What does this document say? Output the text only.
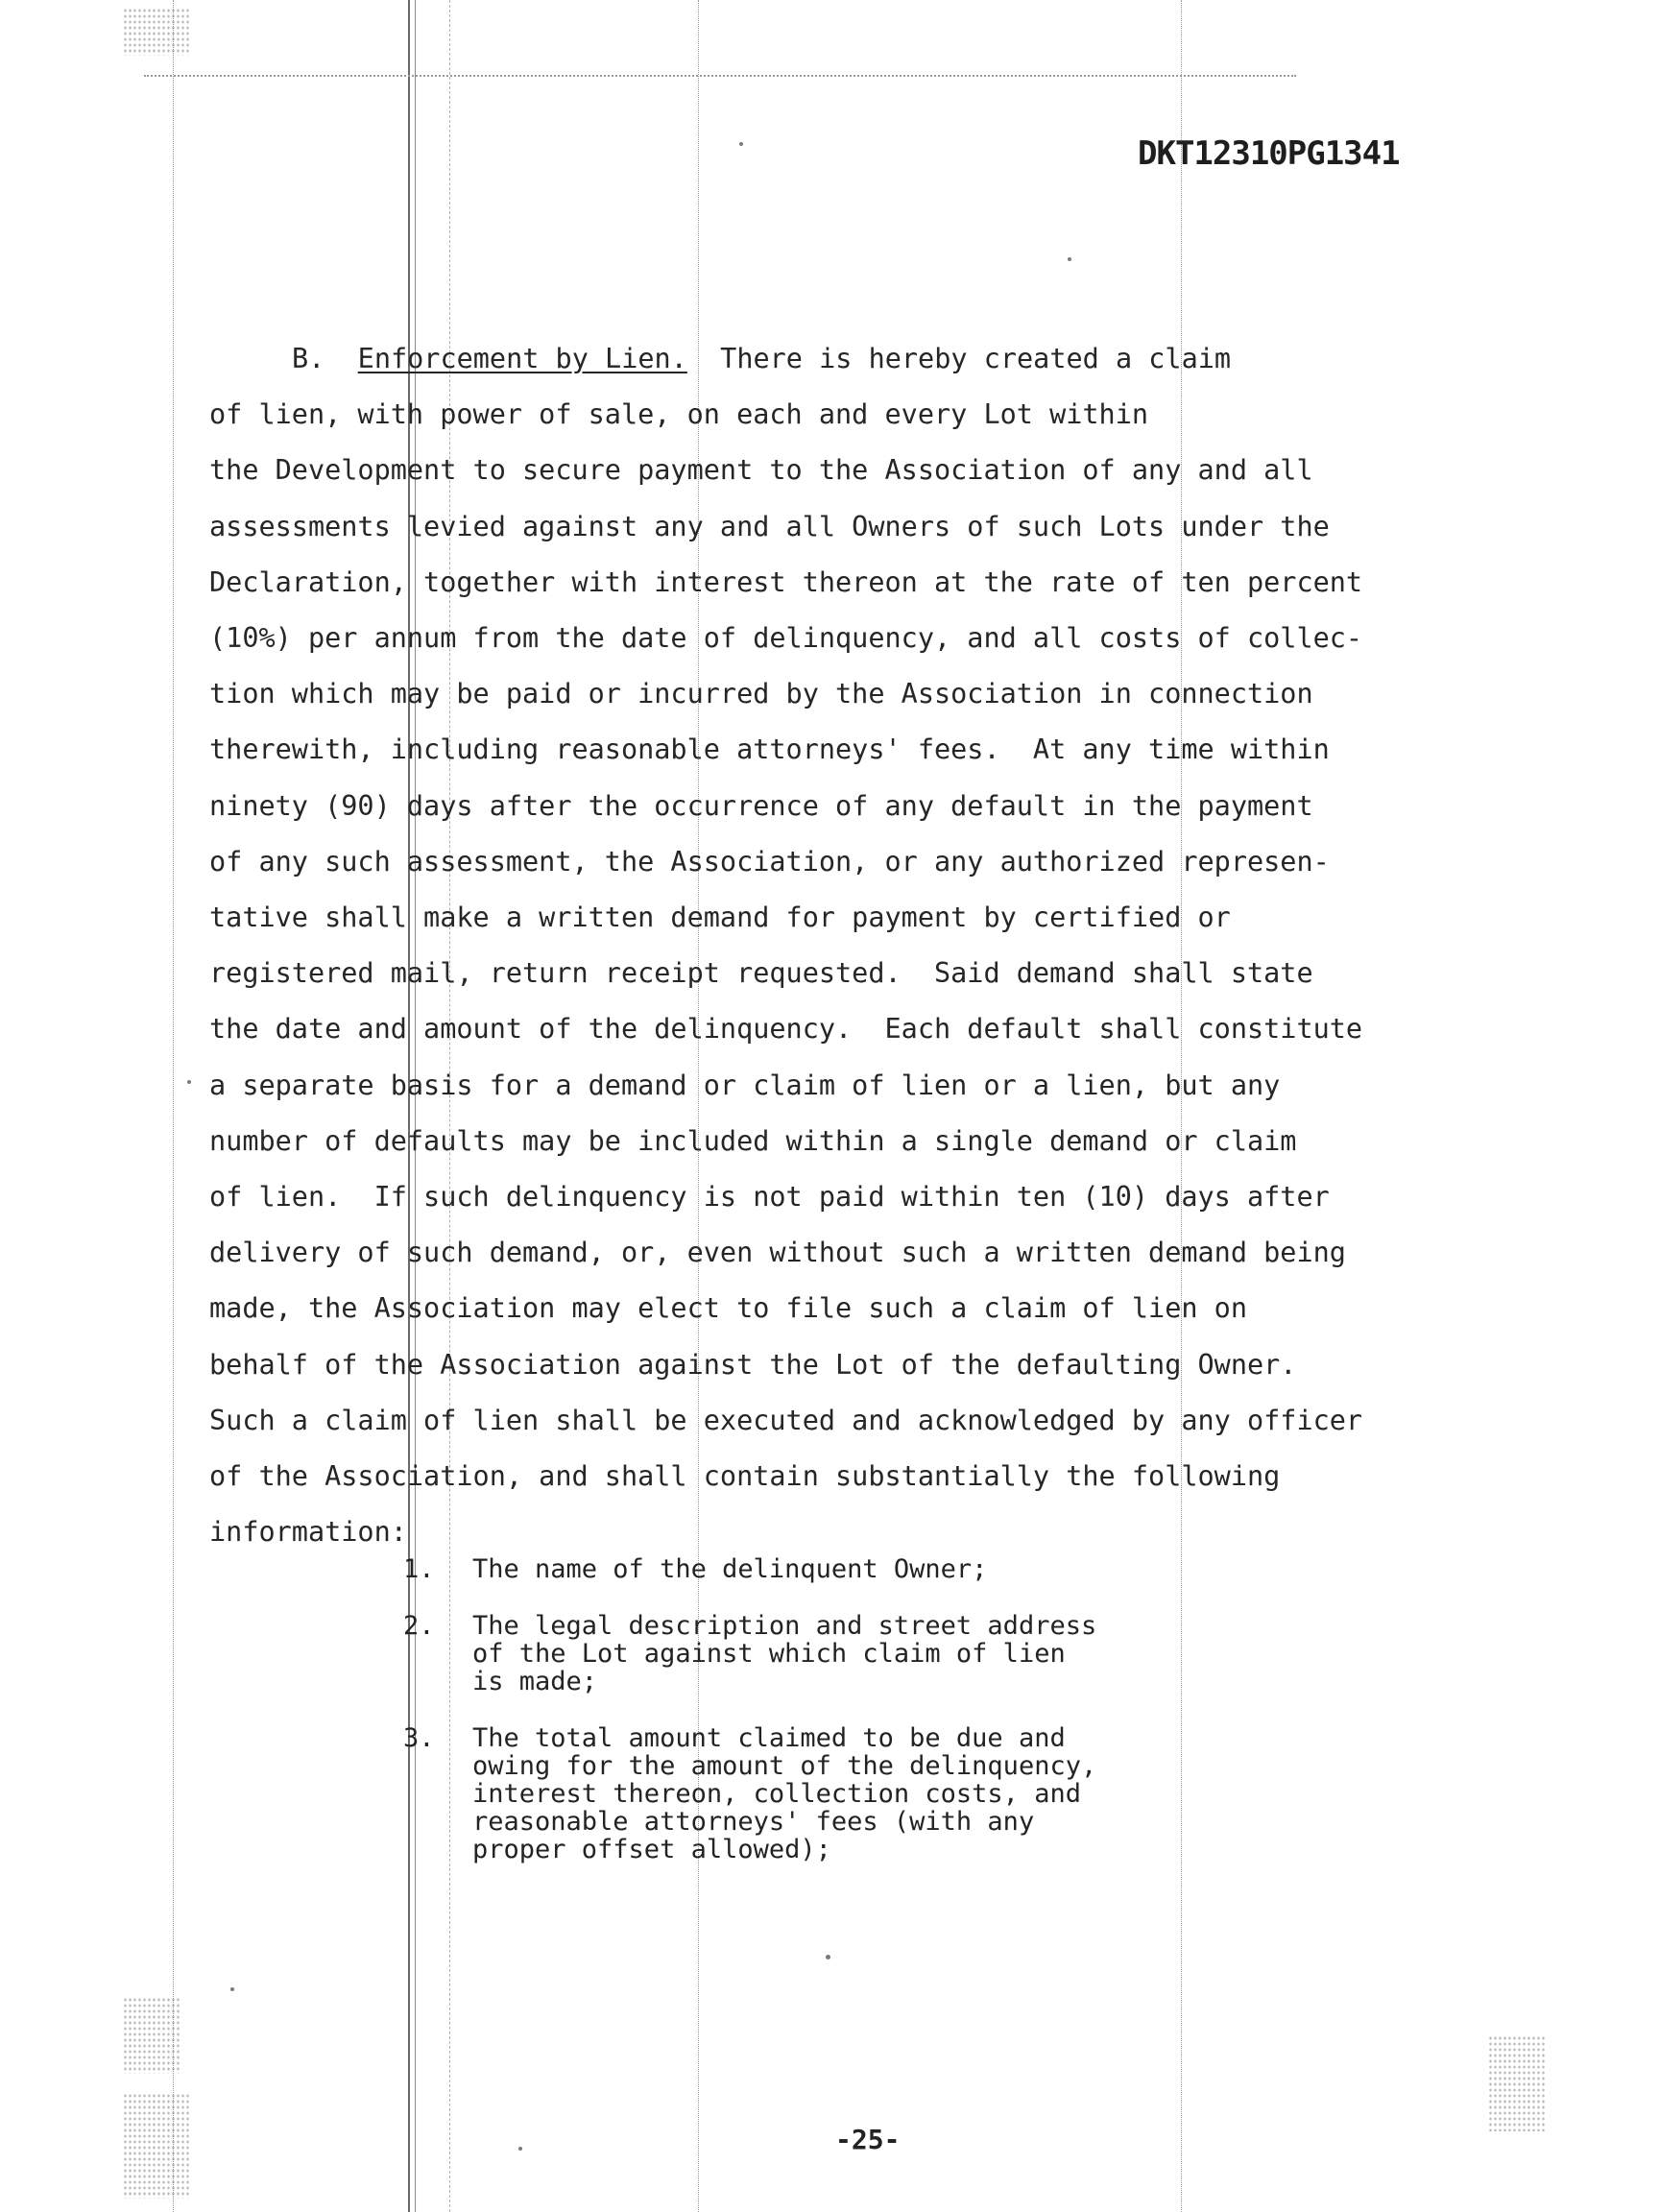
DKT12310PG1341
B. Enforcement by Lien. There is hereby created a claim
of lien, with power of sale, on each and every Lot within
the Development to secure payment to the Association of any and all
assessments levied against any and all Owners of such Lots under the
Declaration, together with interest thereon at the rate of ten percent
(10%) per annum from the date of delinquency, and all costs of collec-
tion which may be paid or incurred by the Association in connection
therewith, including reasonable attorneys' fees.  At any time within
ninety (90) days after the occurrence of any default in the payment
of any such assessment, the Association, or any authorized represen-
tative shall make a written demand for payment by certified or
registered mail, return receipt requested.  Said demand shall state
the date and amount of the delinquency.  Each default shall constitute
a separate basis for a demand or claim of lien or a lien, but any
number of defaults may be included within a single demand or claim
of lien.  If such delinquency is not paid within ten (10) days after
delivery of such demand, or, even without such a written demand being
made, the Association may elect to file such a claim of lien on
behalf of the Association against the Lot of the defaulting Owner.
Such a claim of lien shall be executed and acknowledged by any officer
of the Association, and shall contain substantially the following
information:
1.	The name of the delinquent Owner;
2.	The legal description and street address
of the Lot against which claim of lien
is made;
3.	The total amount claimed to be due and
owing for the amount of the delinquency,
interest thereon, collection costs, and
reasonable attorneys' fees (with any
proper offset allowed);
-25-
